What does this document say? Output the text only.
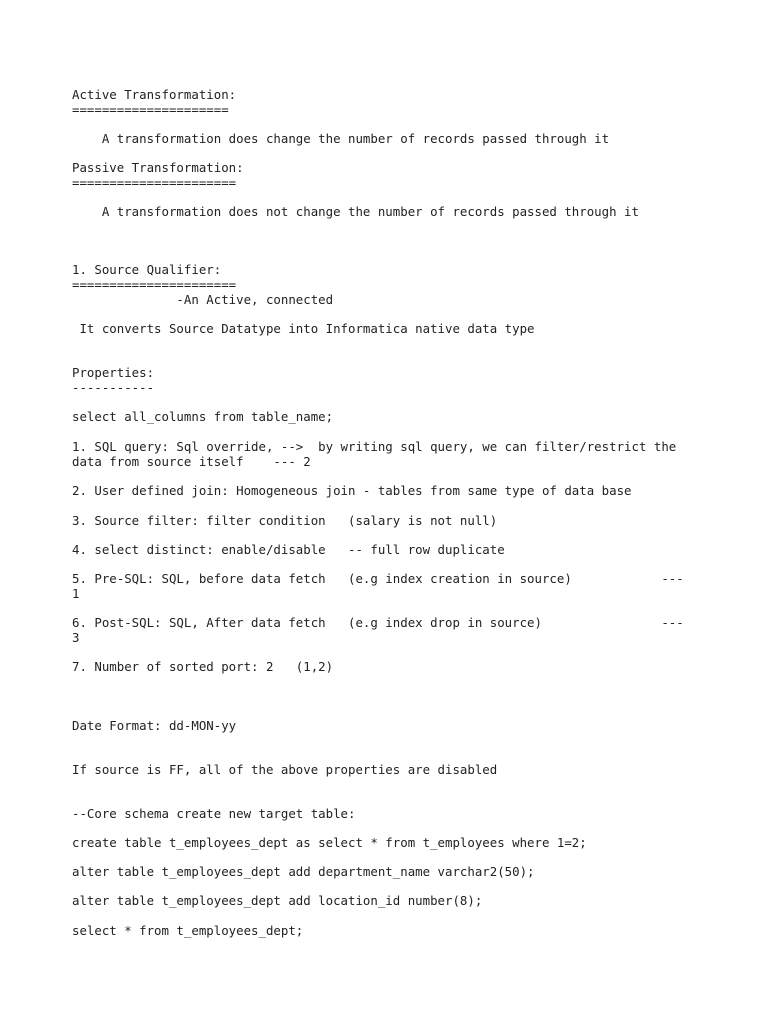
Active Transformation:

=====================

A transformation does change the number of records passed through it

Passive Transformation:

======================

A transformation does not change the number of records passed through it

1. Source Qualifier:

======================

-An Active, connected

It converts Source Datatype into Informatica native data type

Properties:

-----------

select all_columns from table_name;

1. SQL query: Sql override, -->  by writing sql query, we can filter/restrict the

data from source itself    --- 2

2. User defined join: Homogeneous join - tables from same type of data base

3. Source filter: filter condition   (salary is not null)

4. select distinct: enable/disable   -- full row duplicate

5. Pre-SQL: SQL, before data fetch   (e.g index creation in source)            ---

1

6. Post-SQL: SQL, After data fetch   (e.g index drop in source)                ---

3

7. Number of sorted port: 2   (1,2)

Date Format: dd-MON-yy

If source is FF, all of the above properties are disabled

--Core schema create new target table:

create table t_employees_dept as select * from t_employees where 1=2;

alter table t_employees_dept add department_name varchar2(50);

alter table t_employees_dept add location_id number(8);

select * from t_employees_dept;
